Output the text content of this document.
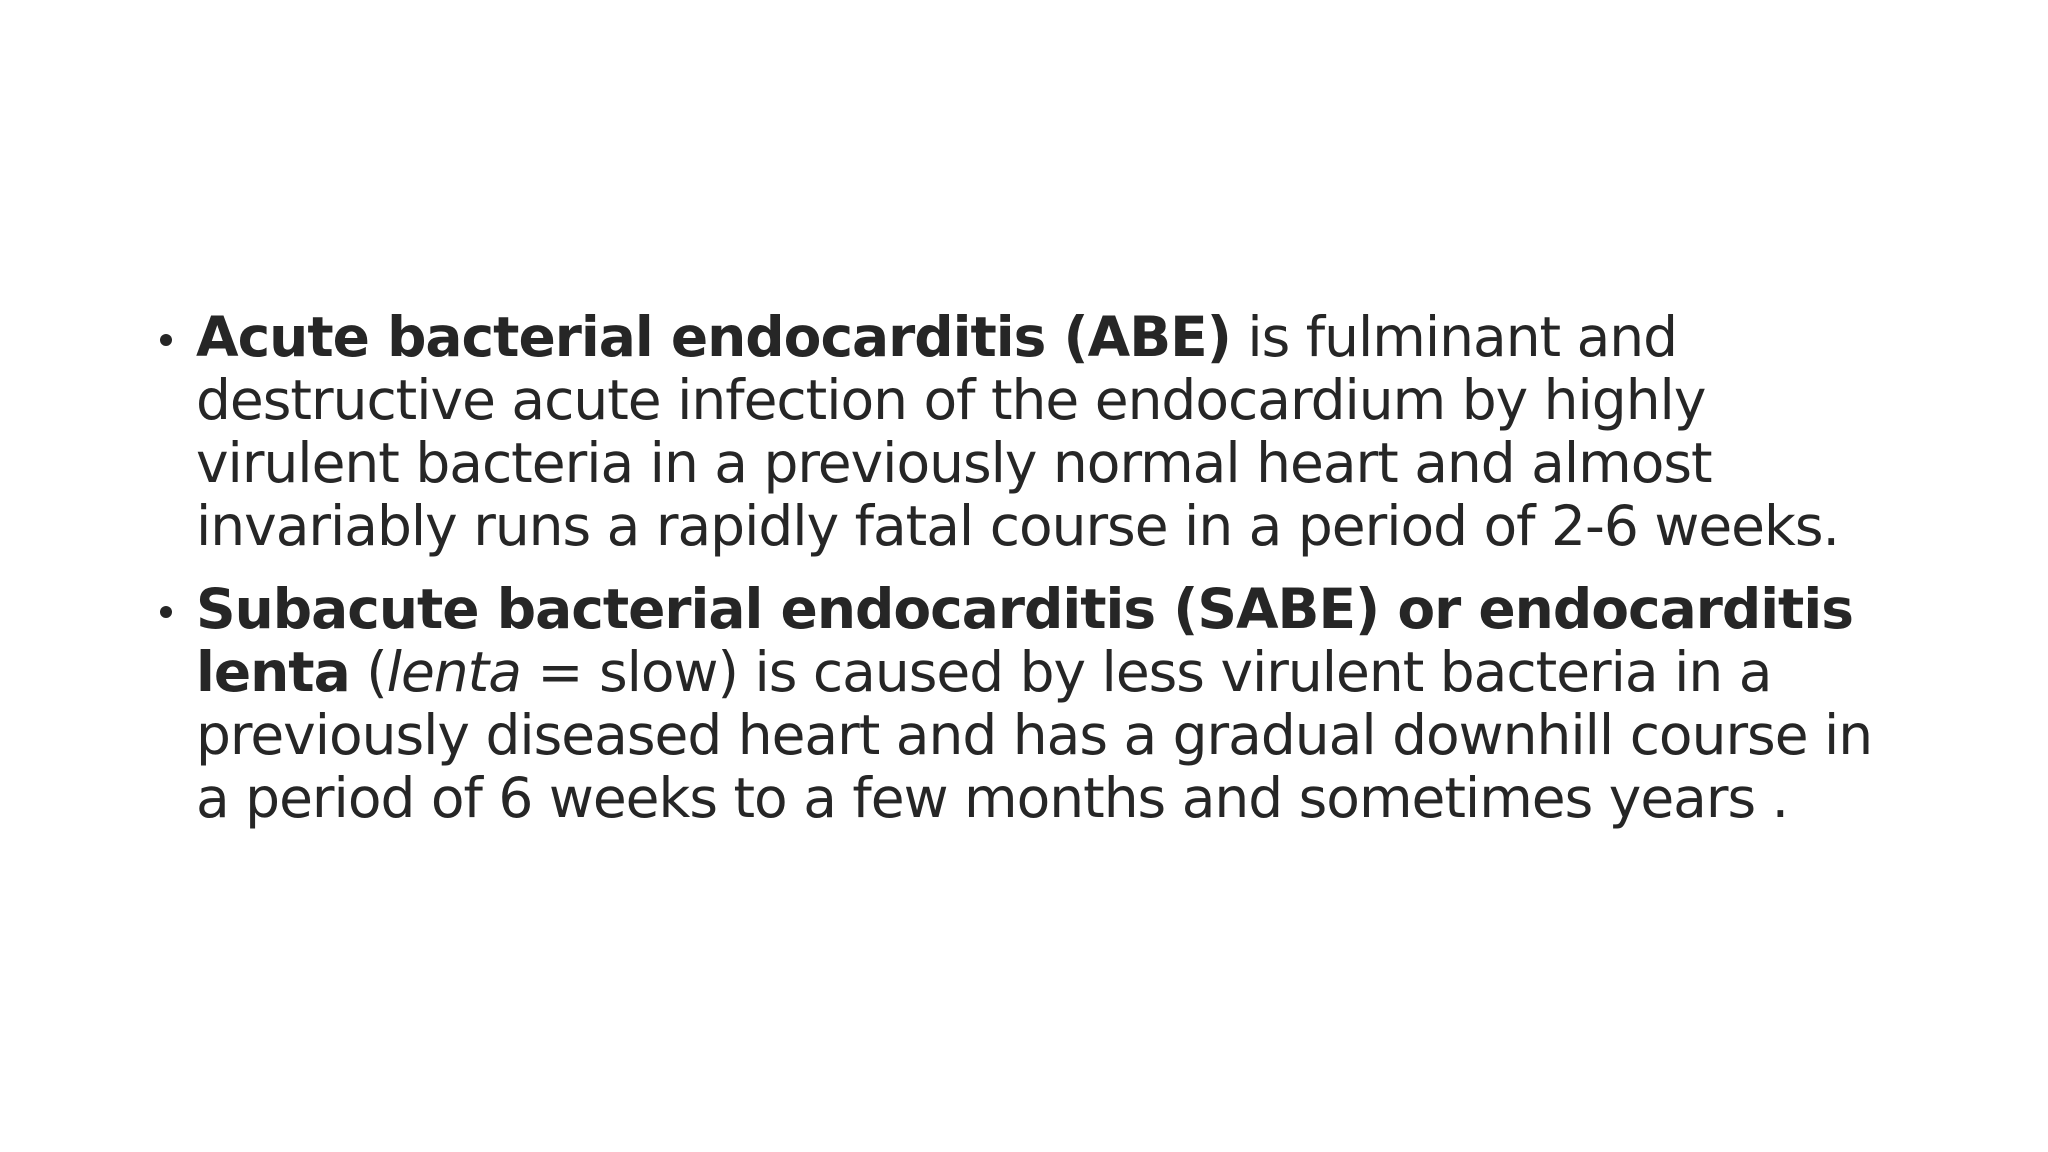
Acute bacterial endocarditis (ABE) is fulminant and destructive acute infection of the endocardium by highly virulent bacteria in a previously normal heart and almost invariably runs a rapidly fatal course in a period of 2-6 weeks.

Subacute bacterial endocarditis (SABE) or endocarditis lenta (lenta = slow) is caused by less virulent bacteria in a previously diseased heart and has a gradual downhill course in a period of 6 weeks to a few months and sometimes years .
